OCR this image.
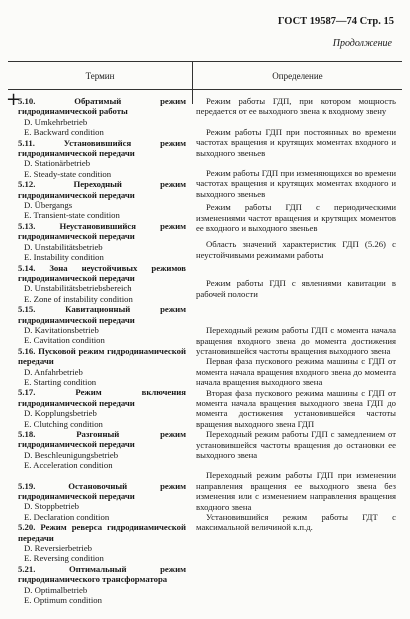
ГОСТ 19587—74 Стр. 15
Продолжение
Термин	Определение
+
5.10. Обратимый режим гидродинамической работы
D. Umkehrbetrieb
E. Backward condition
5.11. Установившийся режим гидродинамической передачи
D. Stationärbetrieb
E. Steady-state condition
5.12. Переходный режим гидродинамической передачи
D. Übergangs
E. Transient-state condition
5.13. Неустановившийся режим гидродинамической передачи
D. Unstabilitätsbetrieb
E. Instability condition
5.14. Зона неустойчивых режимов гидродинамической передачи
D. Unstabilitätsbetriebsbereich
E. Zone of instability condition
5.15. Кавитационный режим гидродинамической передачи
D. Kavitationsbetrieb
E. Cavitation condition
5.16. Пусковой режим гидродинамической передачи
D. Anfahrbetrieb
E. Starting condition
5.17. Режим включения гидродинамической передачи
D. Kopplungsbetrieb
E. Clutching condition
5.18. Разгонный режим гидродинамической передачи
D. Beschleunigungsbetrieb
E. Acceleration condition
5.19. Остановочный режим гидродинамической передачи
D. Stoppbetrieb
E. Declaration condition
5.20. Режим реверса гидродинамической передачи
D. Reversierbetrieb
E. Reversing condition
5.21. Оптимальный режим гидродинамического трансформатора
D. Optimalbetrieb
E. Optimum condition

Режим работы ГДП, при котором мощность передается от ее выходного звена к входному звену

Режим работы ГДП при постоянных во времени частотах вращения и крутящих моментах входного и выходного звеньев

Режим работы ГДП при изменяющихся во времени частотах вращения и крутящих моментах входного и выходного звеньев

Режим работы ГДП с периодическими изменениями частот вращения и крутящих моментов ее входного и выходного звеньев

Область значений характеристик ГДП (5.26) с неустойчивыми режимами работы

Режим работы ГДП с явлениями кавитации в рабочей полости

Переходный режим работы ГДП с момента начала вращения входного звена до момента достижения установившейся частоты вращения выходного звена

Первая фаза пускового режима машины с ГДП от момента начала вращения входного звена до момента начала вращения выходного звена

Вторая фаза пускового режима машины с ГДП от момента начала вращения выходного звена ГДП до момента достижения установившейся частоты вращения выходного звена ГДП

Переходный режим работы ГДП с замедлением от установившейся частоты вращения до остановки ее выходного звена

Переходный режим работы ГДП при изменении направления вращения ее выходного звена без изменения или с изменением направления вращения входного звена

Установившийся режим работы ГДТ с максимальной величиной к.п.д.
